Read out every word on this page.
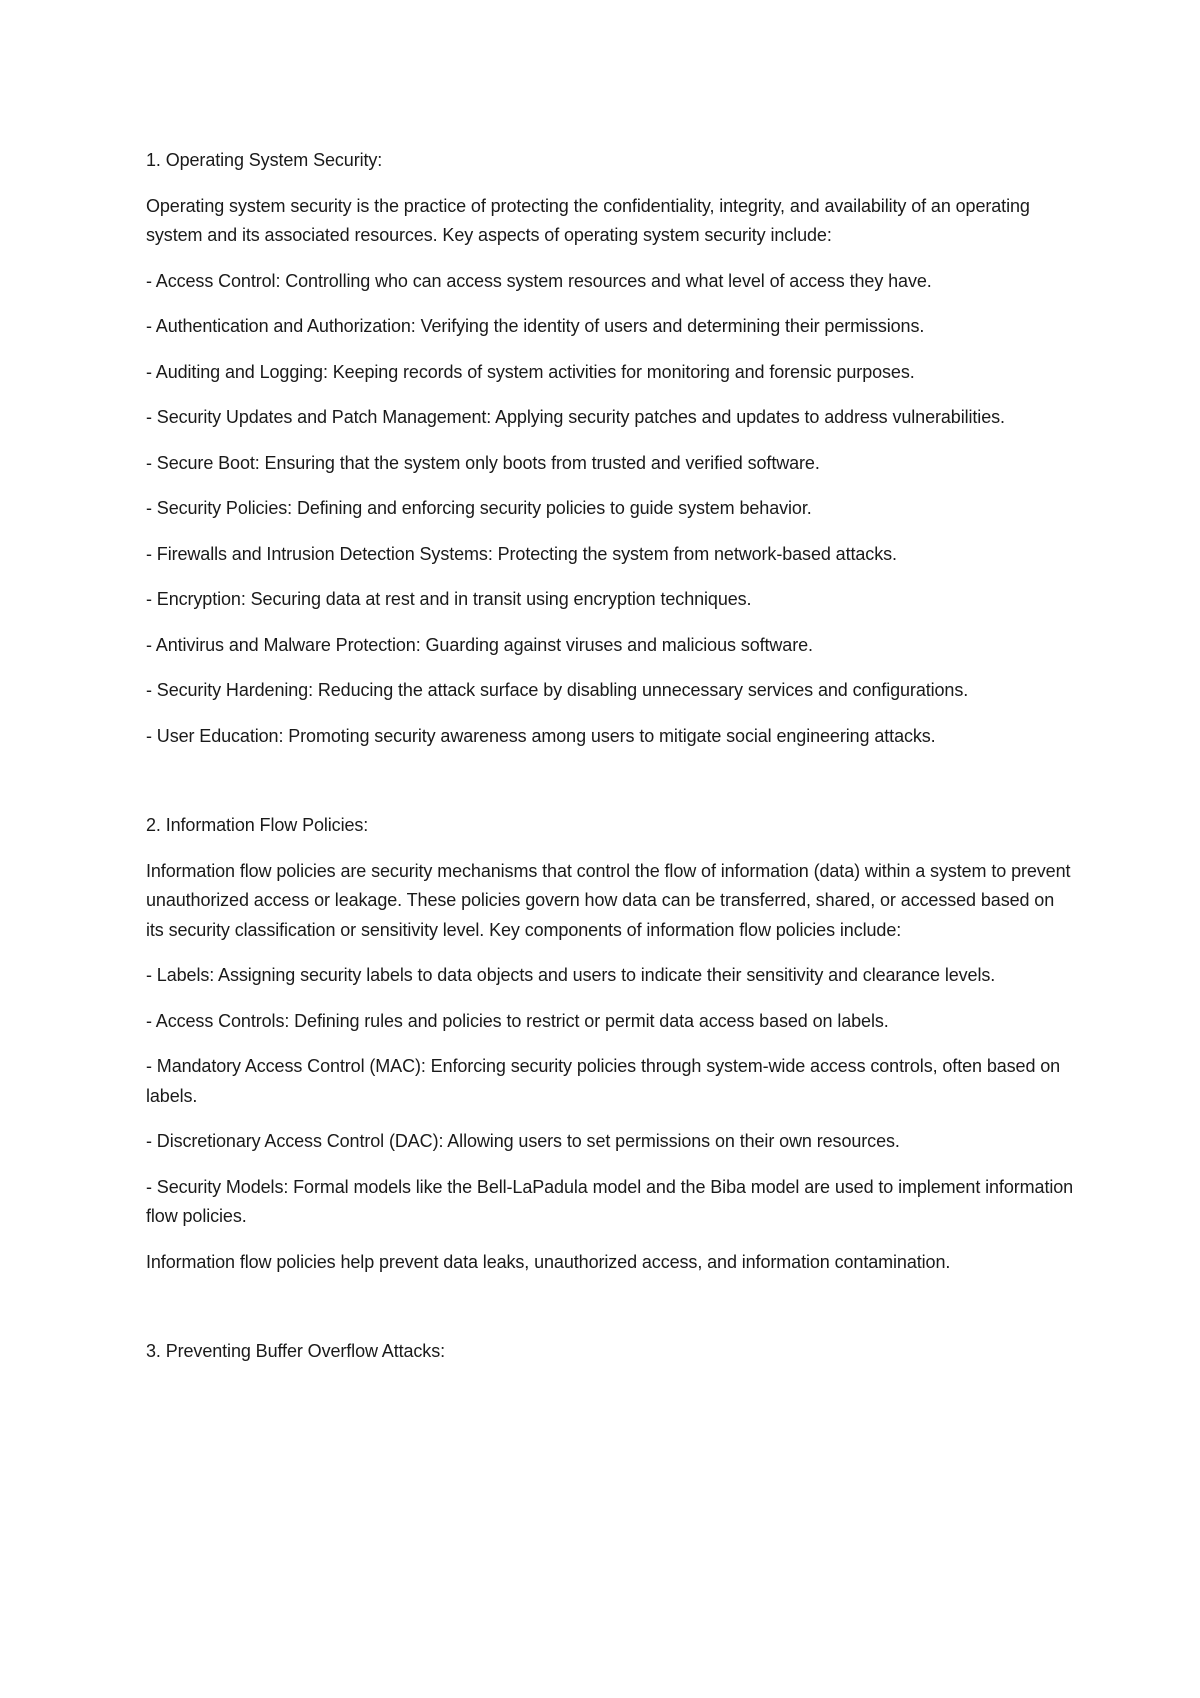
1. Operating System Security:

Operating system security is the practice of protecting the confidentiality, integrity, and availability of an operating system and its associated resources. Key aspects of operating system security include:

- Access Control: Controlling who can access system resources and what level of access they have.

- Authentication and Authorization: Verifying the identity of users and determining their permissions.

- Auditing and Logging: Keeping records of system activities for monitoring and forensic purposes.

- Security Updates and Patch Management: Applying security patches and updates to address vulnerabilities.

- Secure Boot: Ensuring that the system only boots from trusted and verified software.

- Security Policies: Defining and enforcing security policies to guide system behavior.

- Firewalls and Intrusion Detection Systems: Protecting the system from network-based attacks.

- Encryption: Securing data at rest and in transit using encryption techniques.

- Antivirus and Malware Protection: Guarding against viruses and malicious software.

- Security Hardening: Reducing the attack surface by disabling unnecessary services and configurations.

- User Education: Promoting security awareness among users to mitigate social engineering attacks.

2. Information Flow Policies:

Information flow policies are security mechanisms that control the flow of information (data) within a system to prevent unauthorized access or leakage. These policies govern how data can be transferred, shared, or accessed based on its security classification or sensitivity level. Key components of information flow policies include:

- Labels: Assigning security labels to data objects and users to indicate their sensitivity and clearance levels.

- Access Controls: Defining rules and policies to restrict or permit data access based on labels.

- Mandatory Access Control (MAC): Enforcing security policies through system-wide access controls, often based on labels.

- Discretionary Access Control (DAC): Allowing users to set permissions on their own resources.

- Security Models: Formal models like the Bell-LaPadula model and the Biba model are used to implement information flow policies.

Information flow policies help prevent data leaks, unauthorized access, and information contamination.

3. Preventing Buffer Overflow Attacks:
